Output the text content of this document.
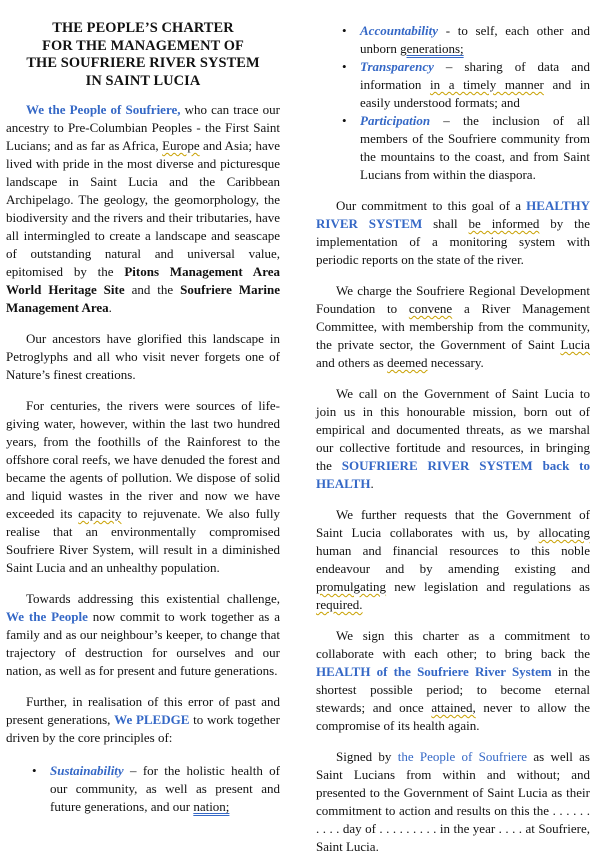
THE PEOPLE’S CHARTER
FOR THE MANAGEMENT OF
THE SOUFRIERE RIVER SYSTEM
IN SAINT LUCIA

We the People of Soufriere, who can trace our ancestry to Pre-Columbian Peoples - the First Saint Lucians; and as far as Africa, Europe and Asia; have lived with pride in the most diverse and picturesque landscape in Saint Lucia and the Caribbean Archipelago. The geology, the geomorphology, the biodiversity and the rivers and their tributaries, have all intermingled to create a landscape and seascape of outstanding natural and universal value, epitomised by the Pitons Management Area World Heritage Site and the Soufriere Marine Management Area.

Our ancestors have glorified this landscape in Petroglyphs and all who visit never forgets one of Nature’s finest creations.

For centuries, the rivers were sources of life-giving water, however, within the last two hundred years, from the foothills of the Rainforest to the offshore coral reefs, we have denuded the forest and became the agents of pollution. We dispose of solid and liquid wastes in the river and now we have exceeded its capacity to rejuvenate. We also fully realise that an environmentally compromised Soufriere River System, will result in a diminished Saint Lucia and an unhealthy population.

Towards addressing this existential challenge, We the People now commit to work together as a family and as our neighbour’s keeper, to change that trajectory of destruction for ourselves and our nation, as well as for present and future generations.

Further, in realisation of this error of past and present generations, We PLEDGE to work together driven by the core principles of:

• Sustainability – for the holistic health of our community, as well as present and future generations, and our nation;
• Accountability - to self, each other and unborn generations;
• Transparency – sharing of data and information in a timely manner and in easily understood formats; and
• Participation – the inclusion of all members of the Soufriere community from the mountains to the coast, and from Saint Lucians from within the diaspora.

Our commitment to this goal of a HEALTHY RIVER SYSTEM shall be informed by the implementation of a monitoring system with periodic reports on the state of the river.

We charge the Soufriere Regional Development Foundation to convene a River Management Committee, with membership from the community, the private sector, the Government of Saint Lucia and others as deemed necessary.

We call on the Government of Saint Lucia to join us in this honourable mission, born out of empirical and documented threats, as we marshal our collective fortitude and resources, in bringing the SOUFRIERE RIVER SYSTEM back to HEALTH.

We further requests that the Government of Saint Lucia collaborates with us, by allocating human and financial resources to this noble endeavour and by amending existing and promulgating new legislation and regulations as required.

We sign this charter as a commitment to collaborate with each other; to bring back the HEALTH of the Soufriere River System in the shortest possible period; to become eternal stewards; and once attained, never to allow the compromise of its health again.

Signed by the People of Soufriere as well as Saint Lucians from within and without; and presented to the Government of Saint Lucia as their commitment to action and results on this the . . . . . . . . . . day of . . . . . . . . . in the year . . . . at Soufriere, Saint Lucia.
